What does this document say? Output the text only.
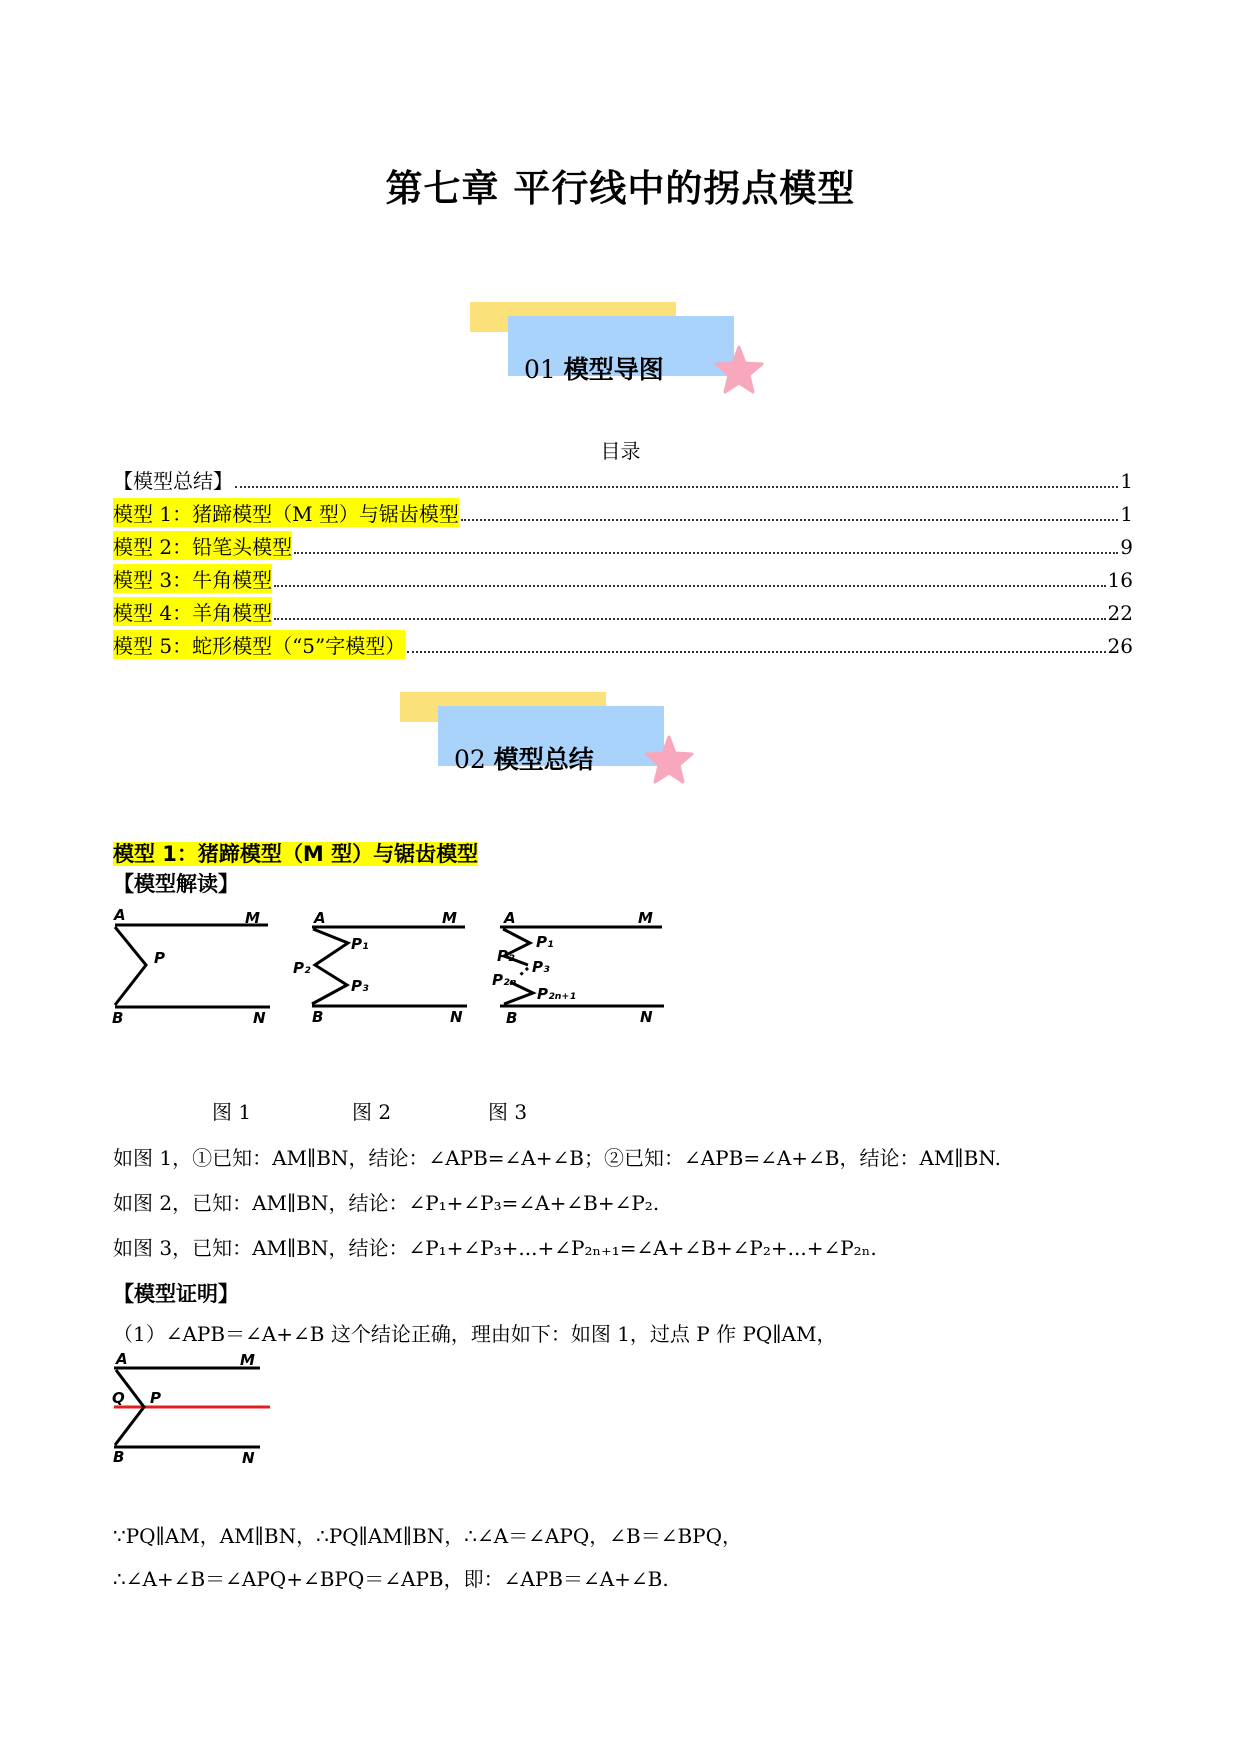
第七章 平行线中的拐点模型
01 模型导图
目录
【模型总结】	1
模型 1：猪蹄模型（M 型）与锯齿模型	1
模型 2：铅笔头模型	9
模型 3：牛角模型	16
模型 4：羊角模型	22
模型 5：蛇形模型（“5”字模型）	26
02 模型总结
模型 1：猪蹄模型（M 型）与锯齿模型
【模型解读】
A	M
P
B	N
A	M
P₁
P₂
P₃
B	N
A	M
P₁
P₂
P₃
P₂ₙ
P₂ₙ₊₁
B	N
图 1	图 2	图 3
如图 1，①已知：AM∥BN，结论：∠APB=∠A+∠B；②已知：∠APB=∠A+∠B，结论：AM∥BN.
如图 2，已知：AM∥BN，结论：∠P₁+∠P₃=∠A+∠B+∠P₂.
如图 3，已知：AM∥BN，结论：∠P₁+∠P₃+...+∠P₂ₙ₊₁=∠A+∠B+∠P₂+...+∠P₂ₙ.
【模型证明】
（1）∠APB＝∠A+∠B 这个结论正确，理由如下：如图 1，过点 P 作 PQ∥AM，
A	M
Q P
B	N
∵PQ∥AM，AM∥BN，∴PQ∥AM∥BN，∴∠A＝∠APQ，∠B＝∠BPQ，
∴∠A+∠B＝∠APQ+∠BPQ＝∠APB，即：∠APB＝∠A+∠B.
